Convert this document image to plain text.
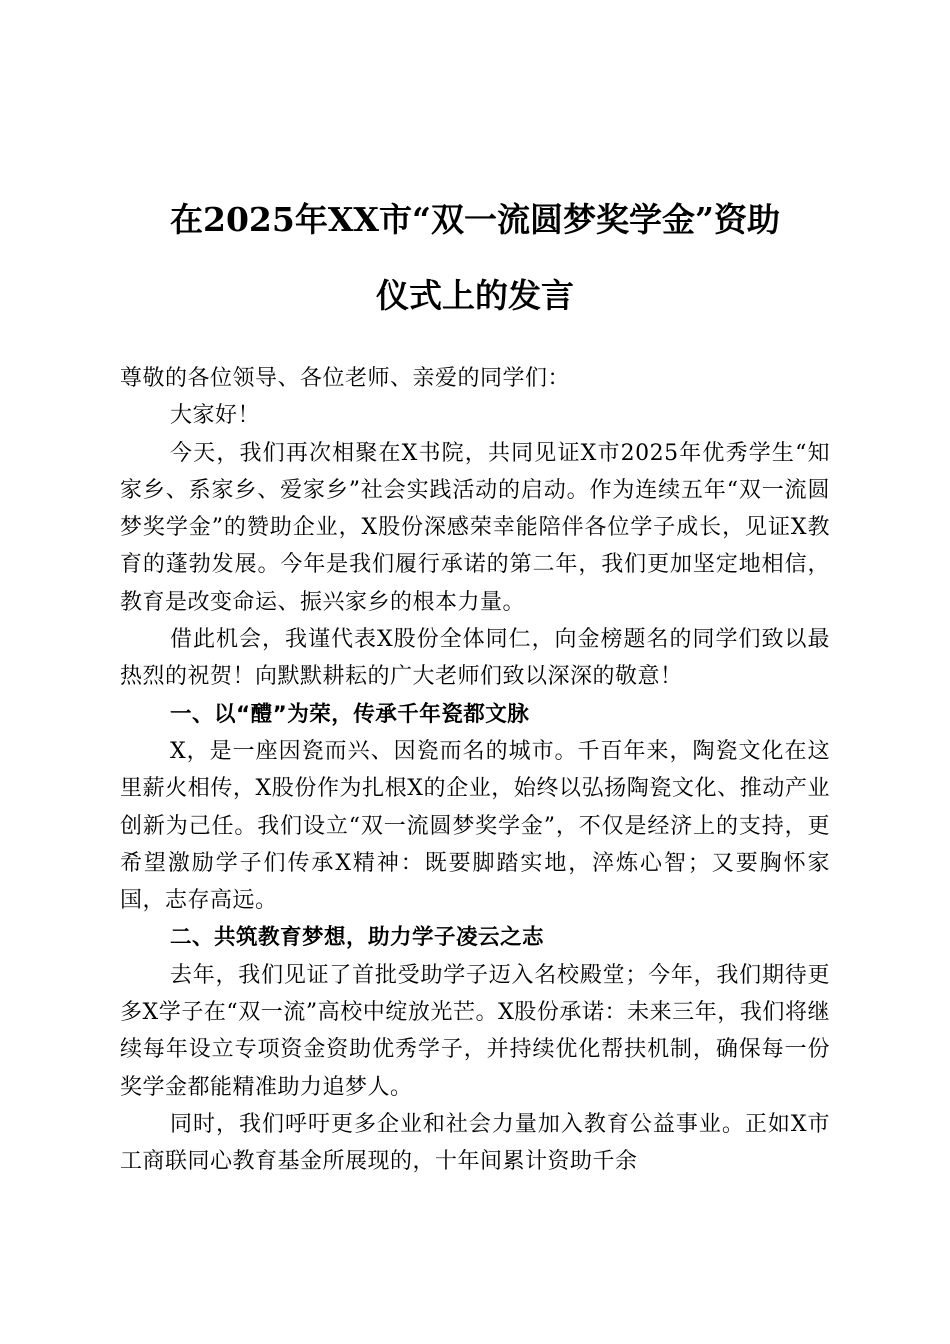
在2025年XX市“双一流圆梦奖学金”资助
仪式上的发言

尊敬的各位领导、各位老师、亲爱的同学们：

大家好！

今天，我们再次相聚在X书院，共同见证X市2025年优秀学生“知家乡、系家乡、爱家乡”社会实践活动的启动。作为连续五年“双一流圆梦奖学金”的赞助企业，X股份深感荣幸能陪伴各位学子成长，见证X教育的蓬勃发展。今年是我们履行承诺的第二年，我们更加坚定地相信，教育是改变命运、振兴家乡的根本力量。

借此机会，我谨代表X股份全体同仁，向金榜题名的同学们致以最热烈的祝贺！向默默耕耘的广大老师们致以深深的敬意！

一、以“醴”为荣，传承千年瓷都文脉

X，是一座因瓷而兴、因瓷而名的城市。千百年来，陶瓷文化在这里薪火相传，X股份作为扎根X的企业，始终以弘扬陶瓷文化、推动产业创新为己任。我们设立“双一流圆梦奖学金”，不仅是经济上的支持，更希望激励学子们传承X精神：既要脚踏实地，淬炼心智；又要胸怀家国，志存高远。

二、共筑教育梦想，助力学子凌云之志

去年，我们见证了首批受助学子迈入名校殿堂；今年，我们期待更多X学子在“双一流”高校中绽放光芒。X股份承诺：未来三年，我们将继续每年设立专项资金资助优秀学子，并持续优化帮扶机制，确保每一份奖学金都能精准助力追梦人。

同时，我们呼吁更多企业和社会力量加入教育公益事业。正如X市工商联同心教育基金所展现的，十年间累计资助千余
